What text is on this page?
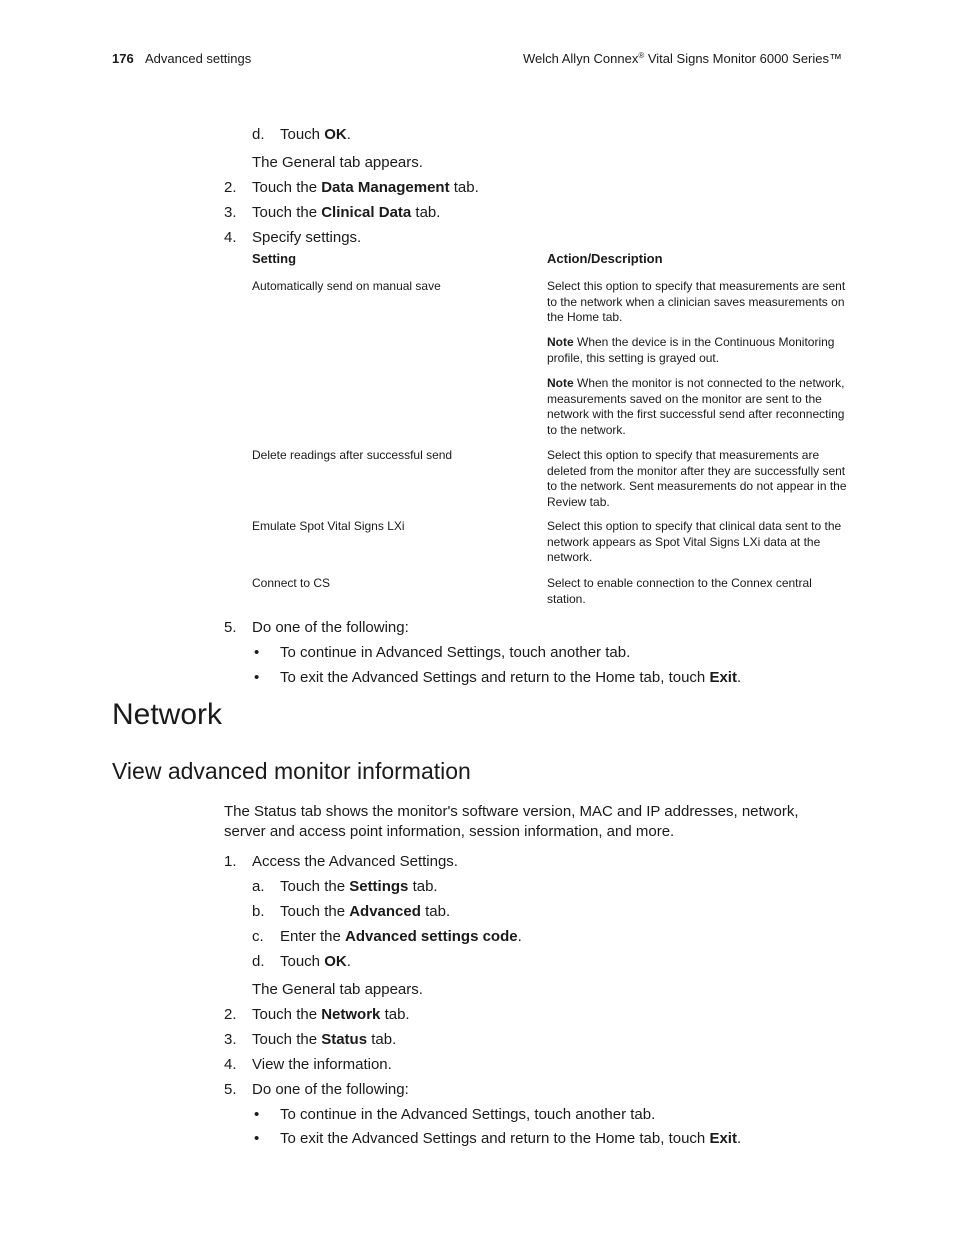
176 Advanced settings	Welch Allyn Connex® Vital Signs Monitor 6000 Series™
d. Touch OK.
The General tab appears.
2. Touch the Data Management tab.
3. Touch the Clinical Data tab.
4. Specify settings.
Setting	Action/Description
Automatically send on manual save	Select this option to specify that measurements are sent
to the network when a clinician saves measurements on
the Home tab.
Note When the device is in the Continuous Monitoring
profile, this setting is grayed out.
Note When the monitor is not connected to the network,
measurements saved on the monitor are sent to the
network with the first successful send after reconnecting
to the network.
Delete readings after successful send	Select this option to specify that measurements are
deleted from the monitor after they are successfully sent
to the network. Sent measurements do not appear in the
Review tab.
Emulate Spot Vital Signs LXi	Select this option to specify that clinical data sent to the
network appears as Spot Vital Signs LXi data at the
network.
Connect to CS	Select to enable connection to the Connex central
station.
5. Do one of the following:
• To continue in Advanced Settings, touch another tab.
• To exit the Advanced Settings and return to the Home tab, touch Exit.
Network
View advanced monitor information
The Status tab shows the monitor's software version, MAC and IP addresses, network,
server and access point information, session information, and more.
1. Access the Advanced Settings.
a. Touch the Settings tab.
b. Touch the Advanced tab.
c. Enter the Advanced settings code.
d. Touch OK.
The General tab appears.
2. Touch the Network tab.
3. Touch the Status tab.
4. View the information.
5. Do one of the following:
• To continue in the Advanced Settings, touch another tab.
• To exit the Advanced Settings and return to the Home tab, touch Exit.
